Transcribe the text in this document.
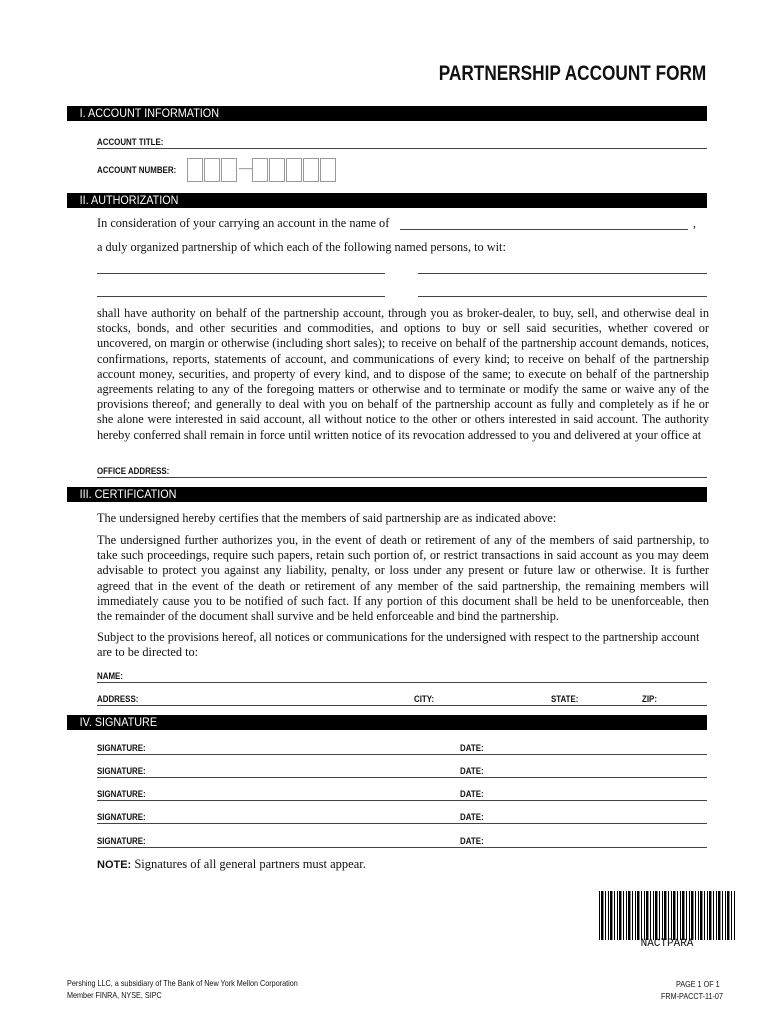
PARTNERSHIP ACCOUNT FORM
I. ACCOUNT INFORMATION
ACCOUNT TITLE:
ACCOUNT NUMBER:	—
II. AUTHORIZATION
In consideration of your carrying an account in the name of	,
a duly organized partnership of which each of the following named persons, to wit:
shall have authority on behalf of the partnership account, through you as broker-dealer, to buy, sell, and otherwise deal in stocks, bonds, and other securities and commodities, and options to buy or sell said securities, whether covered or uncovered, on margin or otherwise (including short sales); to receive on behalf of the partnership account demands, notices, confirmations, reports, statements of account, and communications of every kind; to receive on behalf of the partnership account money, securities, and property of every kind, and to dispose of the same; to execute on behalf of the partnership agreements relating to any of the foregoing matters or otherwise and to terminate or modify the same or waive any of the provisions thereof; and generally to deal with you on behalf of the partnership account as fully and completely as if he or she alone were interested in said account, all without notice to the other or others interested in said account. The authority hereby conferred shall remain in force until written notice of its revocation addressed to you and delivered at your office at
OFFICE ADDRESS:
III. CERTIFICATION
The undersigned hereby certifies that the members of said partnership are as indicated above:
The undersigned further authorizes you, in the event of death or retirement of any of the members of said partnership, to take such proceedings, require such papers, retain such portion of, or restrict transactions in said account as you may deem advisable to protect you against any liability, penalty, or loss under any present or future law or otherwise. It is further agreed that in the event of the death or retirement of any member of the said partnership, the remaining members will immediately cause you to be notified of such fact. If any portion of this document shall be held to be unenforceable, then the remainder of the document shall survive and be held enforceable and bind the partnership.
Subject to the provisions hereof, all notices or communications for the undersigned with respect to the partnership account are to be directed to:
NAME:
ADDRESS:	CITY:	STATE:	ZIP:
IV. SIGNATURE
SIGNATURE:	DATE:
SIGNATURE:	DATE:
SIGNATURE:	DATE:
SIGNATURE:	DATE:
SIGNATURE:	DATE:
NOTE: Signatures of all general partners must appear.
NACTPARA
Pershing LLC, a subsidiary of The Bank of New York Mellon Corporation
Member FINRA, NYSE, SIPC
PAGE 1 OF 1
FRM-PACCT-11-07
